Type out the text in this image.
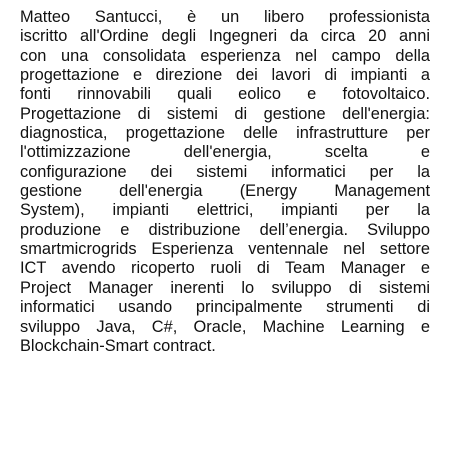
Matteo Santucci, è un libero professionista
iscritto all'Ordine degli Ingegneri da circa 20 anni
con una consolidata esperienza nel campo della
progettazione e direzione dei lavori di impianti a
fonti rinnovabili quali eolico e fotovoltaico.
Progettazione di sistemi di gestione dell'energia:
diagnostica, progettazione delle infrastrutture per
l'ottimizzazione dell'energia, scelta e
configurazione dei sistemi informatici per la
gestione dell'energia (Energy Management
System), impianti elettrici, impianti per la
produzione e distribuzione dell’energia. Sviluppo
smartmicrogrids Esperienza ventennale nel settore
ICT avendo ricoperto ruoli di Team Manager e
Project Manager inerenti lo sviluppo di sistemi
informatici usando principalmente strumenti di
sviluppo Java, C#, Oracle, Machine Learning e
Blockchain-Smart contract.
